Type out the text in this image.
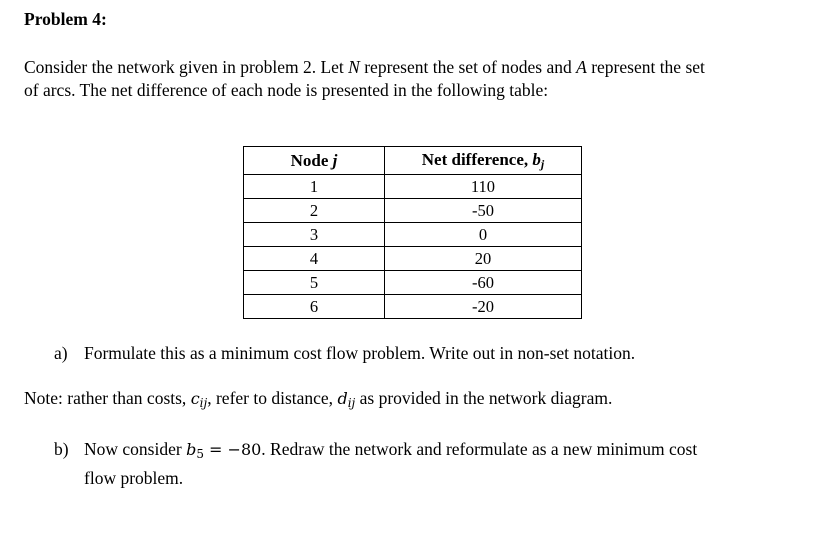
Problem 4:
Consider the network given in problem 2. Let N represent the set of nodes and A represent the set
of arcs. The net difference of each node is presented in the following table:
Node j	Net difference, $b_j$
1	110
2	-50
3	0
4	20
5	-60
6	-20
a) Formulate this as a minimum cost flow problem. Write out in non-set notation.
Note: rather than costs, $c_{ij}$, refer to distance, $d_{ij}$ as provided in the network diagram.
b) Now consider b5 = −80. Redraw the network and reformulate as a new minimum cost
flow problem.
